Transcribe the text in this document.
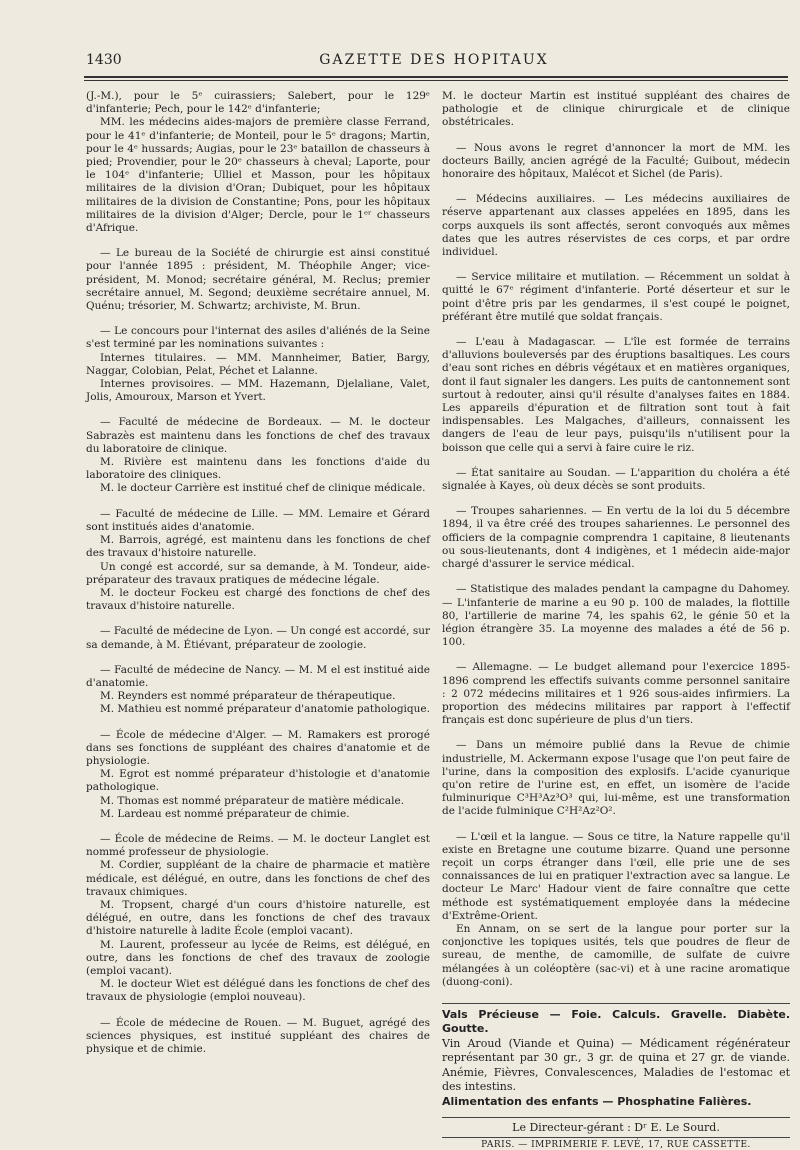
1430	GAZETTE DES HOPITAUX

(J.-M.), pour le 5ᵉ cuirassiers; Salebert, pour le 129ᵉ d'infanterie; Pech, pour le 142ᵉ d'infanterie;

MM. les médecins aides-majors de première classe Ferrand, pour le 41ᵉ d'infanterie; de Monteil, pour le 5ᵉ dragons; Martin, pour le 4ᵉ hussards; Augias, pour le 23ᵉ bataillon de chasseurs à pied; Provendier, pour le 20ᵉ chasseurs à cheval; Laporte, pour le 104ᵉ d'infanterie; Ulliel et Masson, pour les hôpitaux militaires de la division d'Oran; Dubiquet, pour les hôpitaux militaires de la division de Constantine; Pons, pour les hôpitaux militaires de la division d'Alger; Dercle, pour le 1ᵉʳ chasseurs d'Afrique.

— Le bureau de la Société de chirurgie est ainsi constitué pour l'année 1895 : président, M. Théophile Anger; vice-président, M. Monod; secrétaire général, M. Reclus; premier secrétaire annuel, M. Segond; deuxième secrétaire annuel, M. Quénu; trésorier, M. Schwartz; archiviste, M. Brun.

— Le concours pour l'internat des asiles d'aliénés de la Seine s'est terminé par les nominations suivantes :

Internes titulaires. — MM. Mannheimer, Batier, Bargy, Naggar, Colobian, Pelat, Péchet et Lalanne.

Internes provisoires. — MM. Hazemann, Djelaliane, Valet, Jolis, Amouroux, Marson et Yvert.

— Faculté de médecine de Bordeaux. — M. le docteur Sabrazès est maintenu dans les fonctions de chef des travaux du laboratoire de clinique.

M. Rivière est maintenu dans les fonctions d'aide du laboratoire des cliniques.

M. le docteur Carrière est institué chef de clinique médicale.

— Faculté de médecine de Lille. — MM. Lemaire et Gérard sont institués aides d'anatomie.

M. Barrois, agrégé, est maintenu dans les fonctions de chef des travaux d'histoire naturelle.

Un congé est accordé, sur sa demande, à M. Tondeur, aide-préparateur des travaux pratiques de médecine légale.

M. le docteur Fockeu est chargé des fonctions de chef des travaux d'histoire naturelle.

— Faculté de médecine de Lyon. — Un congé est accordé, sur sa demande, à M. Étiévant, préparateur de zoologie.

— Faculté de médecine de Nancy. — M. M el est institué aide d'anatomie.

M. Reynders est nommé préparateur de thérapeutique.

M. Mathieu est nommé préparateur d'anatomie pathologique.

— École de médecine d'Alger. — M. Ramakers est prorogé dans ses fonctions de suppléant des chaires d'anatomie et de physiologie.

M. Egrot est nommé préparateur d'histologie et d'anatomie pathologique.

M. Thomas est nommé préparateur de matière médicale.

M. Lardeau est nommé préparateur de chimie.

— École de médecine de Reims. — M. le docteur Langlet est nommé professeur de physiologie.

M. Cordier, suppléant de la chaire de pharmacie et matière médicale, est délégué, en outre, dans les fonctions de chef des travaux chimiques.

M. Tropsent, chargé d'un cours d'histoire naturelle, est délégué, en outre, dans les fonctions de chef des travaux d'histoire naturelle à ladite École (emploi vacant).

M. Laurent, professeur au lycée de Reims, est délégué, en outre, dans les fonctions de chef des travaux de zoologie (emploi vacant).

M. le docteur Wiet est délégué dans les fonctions de chef des travaux de physiologie (emploi nouveau).

— École de médecine de Rouen. — M. Buguet, agrégé des sciences physiques, est institué suppléant des chaires de physique et de chimie.

M. le docteur Martin est institué suppléant des chaires de pathologie et de clinique chirurgicale et de clinique obstétricales.

— Nous avons le regret d'annoncer la mort de MM. les docteurs Bailly, ancien agrégé de la Faculté; Guibout, médecin honoraire des hôpitaux, Malécot et Sichel (de Paris).

— Médecins auxiliaires. — Les médecins auxiliaires de réserve appartenant aux classes appelées en 1895, dans les corps auxquels ils sont affectés, seront convoqués aux mêmes dates que les autres réservistes de ces corps, et par ordre individuel.

— Service militaire et mutilation. — Récemment un soldat à quitté le 67ᵉ régiment d'infanterie. Porté déserteur et sur le point d'être pris par les gendarmes, il s'est coupé le poignet, préférant être mutilé que soldat français.

— L'eau à Madagascar. — L'île est formée de terrains d'alluvions bouleversés par des éruptions basaltiques. Les cours d'eau sont riches en débris végétaux et en matières organiques, dont il faut signaler les dangers. Les puits de cantonnement sont surtout à redouter, ainsi qu'il résulte d'analyses faites en 1884. Les appareils d'épuration et de filtration sont tout à fait indispensables. Les Malgaches, d'ailleurs, connaissent les dangers de l'eau de leur pays, puisqu'ils n'utilisent pour la boisson que celle qui a servi à faire cuire le riz.

— État sanitaire au Soudan. — L'apparition du choléra a été signalée à Kayes, où deux décès se sont produits.

— Troupes sahariennes. — En vertu de la loi du 5 décembre 1894, il va être créé des troupes sahariennes. Le personnel des officiers de la compagnie comprendra 1 capitaine, 8 lieutenants ou sous-lieutenants, dont 4 indigènes, et 1 médecin aide-major chargé d'assurer le service médical.

— Statistique des malades pendant la campagne du Dahomey. — L'infanterie de marine a eu 90 p. 100 de malades, la flottille 80, l'artillerie de marine 74, les spahis 62, le génie 50 et la légion étrangère 35. La moyenne des malades a été de 56 p. 100.

— Allemagne. — Le budget allemand pour l'exercice 1895-1896 comprend les effectifs suivants comme personnel sanitaire : 2 072 médecins militaires et 1 926 sous-aides infirmiers. La proportion des médecins militaires par rapport à l'effectif français est donc supérieure de plus d'un tiers.

— Dans un mémoire publié dans la Revue de chimie industrielle, M. Ackermann expose l'usage que l'on peut faire de l'urine, dans la composition des explosifs. L'acide cyanurique qu'on retire de l'urine est, en effet, un isomère de l'acide fulminurique C³H³Az³O³ qui, lui-même, est une transformation de l'acide fulminique C²H²Az²O².

— L'œil et la langue. — Sous ce titre, la Nature rappelle qu'il existe en Bretagne une coutume bizarre. Quand une personne reçoit un corps étranger dans l'œil, elle prie une de ses connaissances de lui en pratiquer l'extraction avec sa langue. Le docteur Le Marc' Hadour vient de faire connaître que cette méthode est systématiquement employée dans la médecine d'Extrême-Orient.

En Annam, on se sert de la langue pour porter sur la conjonctive les topiques usités, tels que poudres de fleur de sureau, de menthe, de camomille, de sulfate de cuivre mélangées à un coléoptère (sac-vi) et à une racine aromatique (duong-coni).

Vals Précieuse — Foie. Calculs. Gravelle. Diabète. Goutte.

Vin Aroud (Viande et Quina) — Médicament régénérateur représentant par 30 gr., 3 gr. de quina et 27 gr. de viande. Anémie, Fièvres, Convalescences, Maladies de l'estomac et des intestins.

Alimentation des enfants — Phosphatine Falières.

Le Directeur-gérant : Dʳ E. Le Sourd.
PARIS. — IMPRIMERIE F. LEVÉ, 17, RUE CASSETTE.
